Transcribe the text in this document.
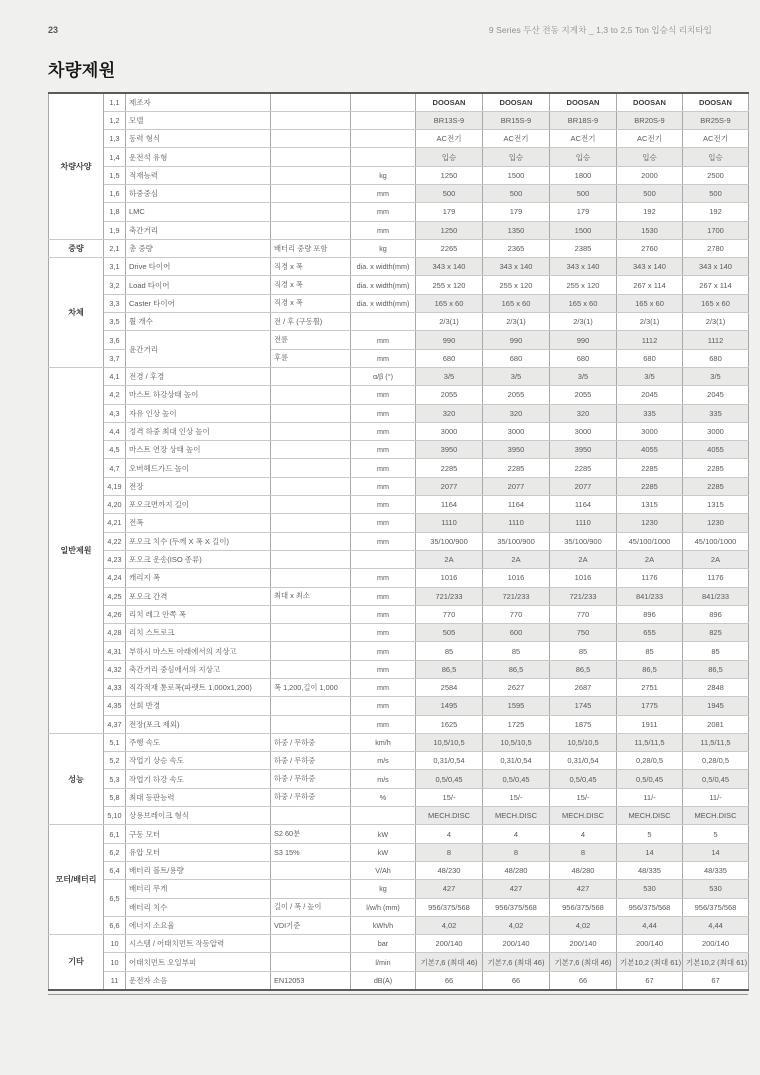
23	9 Series 두산 전동 지게차 _ 1,3 to 2,5 Ton 입승식 리치타입
차량제원
차량사양	1,1	제조자			DOOSAN	DOOSAN	DOOSAN	DOOSAN	DOOSAN
	1,2	모델			BR13S-9	BR15S-9	BR18S-9	BR20S-9	BR25S-9
	1,3	동력 형식			AC전기	AC전기	AC전기	AC전기	AC전기
	1,4	운전석 유형			입승	입승	입승	입승	입승
	1,5	적재능력		kg	1250	1500	1800	2000	2500
	1,6	하중중심		mm	500	500	500	500	500
	1,8	LMC		mm	179	179	179	192	192
	1,9	축간거리		mm	1250	1350	1500	1530	1700
중량	2,1	총 중량	배터리 중량 포함	kg	2265	2365	2385	2760	2780
차체	3,1	Drive 타이어	직경 x 폭	dia. x width(mm)	343 x 140	343 x 140	343 x 140	343 x 140	343 x 140
	3,2	Load 타이어	직경 x 폭	dia. x width(mm)	255 x 120	255 x 120	255 x 120	267 x 114	267 x 114
	3,3	Caster 타이어	직경 x 폭	dia. x width(mm)	165 x 60	165 x 60	165 x 60	165 x 60	165 x 60
	3,5	휠 개수	전 / 후 (구동휠)		2/3(1)	2/3(1)	2/3(1)	2/3(1)	2/3(1)
	3,6	윤간거리	전륜	mm	990	990	990	1112	1112
	3,7		후륜	mm	680	680	680	680	680
일반제원	4,1	전경 / 후경		α/β (°)	3/5	3/5	3/5	3/5	3/5
	4,2	마스트 하강상태 높이		mm	2055	2055	2055	2045	2045
	4,3	자유 인상 높이		mm	320	320	320	335	335
	4,4	정격 하중 최대 인상 높이		mm	3000	3000	3000	3000	3000
	4,5	마스트 연장 상태 높이		mm	3950	3950	3950	4055	4055
	4,7	오버헤드가드 높이		mm	2285	2285	2285	2285	2285
	4,19	전장		mm	2077	2077	2077	2285	2285
	4,20	포오크면까지 길이		mm	1164	1164	1164	1315	1315
	4,21	전폭		mm	1110	1110	1110	1230	1230
	4,22	포오크 치수 (두께 X 폭 X 길이)		mm	35/100/900	35/100/900	35/100/900	45/100/1000	45/100/1000
	4,23	포오크 운송(ISO 종류)			2A	2A	2A	2A	2A
	4,24	캐리지 폭		mm	1016	1016	1016	1176	1176
	4,25	포오크 간격	최대 x 최소	mm	721/233	721/233	721/233	841/233	841/233
	4,26	리치 레그 안쪽 폭		mm	770	770	770	896	896
	4,28	리치 스트로크		mm	505	600	750	655	825
	4,31	부하시 마스트 아래에서의 지상고		mm	85	85	85	85	85
	4,32	축간거리 중심에서의 지상고		mm	86,5	86,5	86,5	86,5	86,5
	4,33	직각적재 통로폭(파렛트 1,000x1,200)	폭 1,200,길이 1,000	mm	2584	2627	2687	2751	2848
	4,35	선회 반경		mm	1495	1595	1745	1775	1945
	4,37	전장(포크 제외)		mm	1625	1725	1875	1911	2081
성능	5,1	주행 속도	하중 / 무하중	km/h	10,5/10,5	10,5/10,5	10,5/10,5	11,5/11,5	11,5/11,5
	5,2	작업기 상승 속도	하중 / 무하중	m/s	0,31/0,54	0,31/0,54	0,31/0,54	0,28/0,5	0,28/0,5
	5,3	작업기 하강 속도	하중 / 무하중	m/s	0,5/0,45	0,5/0,45	0,5/0,45	0,5/0,45	0,5/0,45
	5,8	최대 등판능력	하중 / 무하중	%	15/-	15/-	15/-	11/-	11/-
	5,10	상용브레이크 형식			MECH.DISC	MECH.DISC	MECH.DISC	MECH.DISC	MECH.DISC
모터/배터리	6,1	구동 모터	S2 60분	kW	4	4	4	5	5
	6,2	유압 모터	S3 15%	kW	8	8	8	14	14
	6,4	배터리 볼트/용량		V/Ah	48/230	48/280	48/280	48/335	48/335
	6,5	배터리 무게		kg	427	427	427	530	530
		배터리 치수	길이 / 폭 / 높이	l/w/h (mm)	956/375/568	956/375/568	956/375/568	956/375/568	956/375/568
	6,6	에너지 소요율	VDI기준	kWh/h	4,02	4,02	4,02	4,44	4,44
기타	10	시스템 / 어태치먼트 작동압력		bar	200/140	200/140	200/140	200/140	200/140
	10	어태치먼트 오일부피		l/min	기본7,6 (최대 46)	기본7,6 (최대 46)	기본7,6 (최대 46)	기본10,2 (최대 61)	기본10,2 (최대 61)
	11	운전자 소음	EN12053	dB(A)	66	66	66	67	67
